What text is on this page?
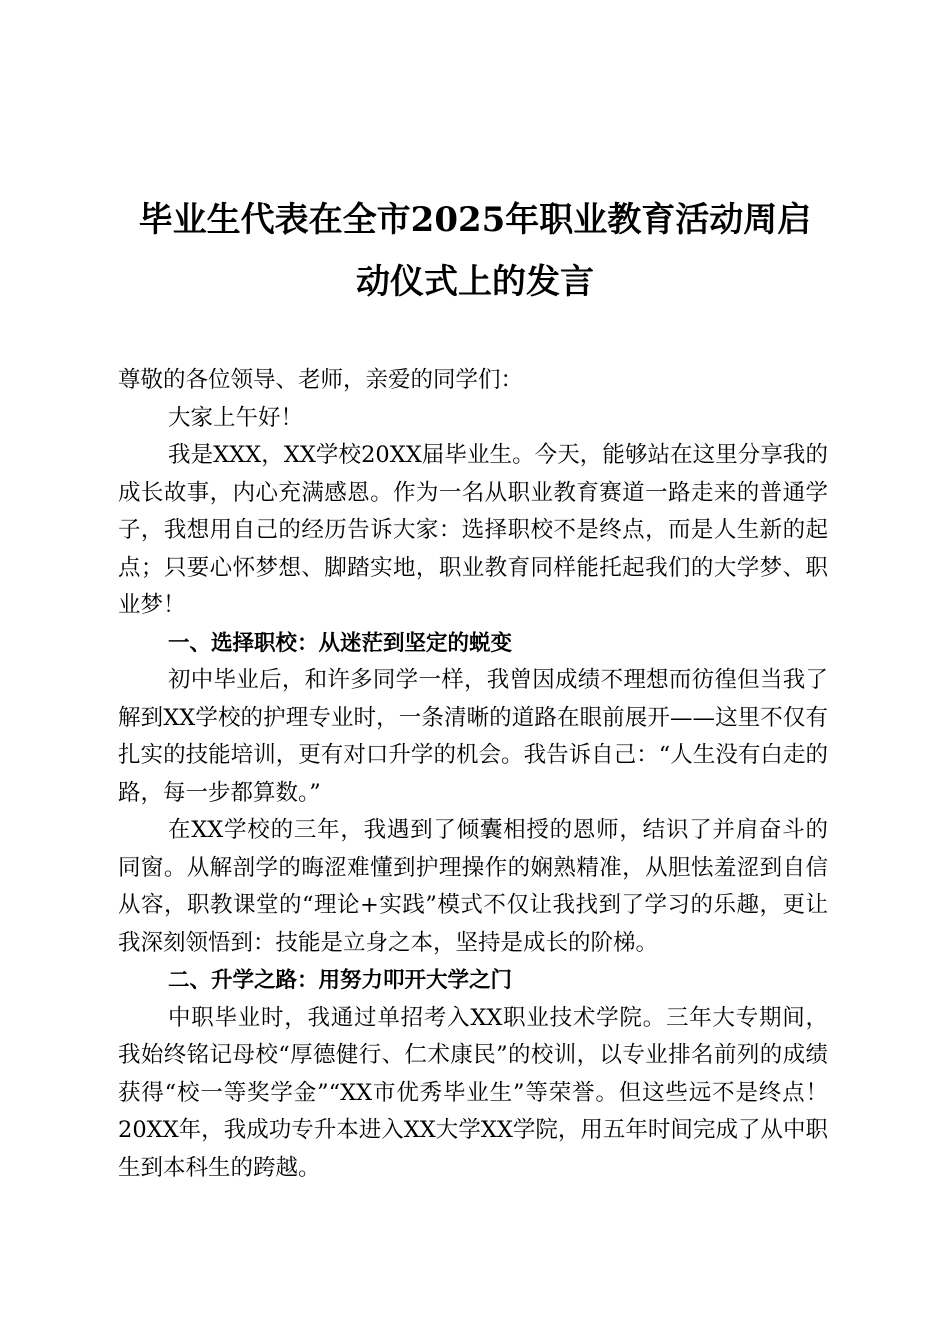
毕业生代表在全市2025年职业教育活动周启
动仪式上的发言

尊敬的各位领导、老师，亲爱的同学们：

大家上午好！

我是XXX，XX学校20XX届毕业生。今天，能够站在这里分享我的成长故事，内心充满感恩。作为一名从职业教育赛道一路走来的普通学子，我想用自己的经历告诉大家：选择职校不是终点，而是人生新的起点；只要心怀梦想、脚踏实地，职业教育同样能托起我们的大学梦、职业梦！

一、选择职校：从迷茫到坚定的蜕变

初中毕业后，和许多同学一样，我曾因成绩不理想而彷徨但当我了解到XX学校的护理专业时，一条清晰的道路在眼前展开——这里不仅有扎实的技能培训，更有对口升学的机会。我告诉自己：“人生没有白走的路，每一步都算数。”

在XX学校的三年，我遇到了倾囊相授的恩师，结识了并肩奋斗的同窗。从解剖学的晦涩难懂到护理操作的娴熟精准，从胆怯羞涩到自信从容，职教课堂的“理论+实践”模式不仅让我找到了学习的乐趣，更让我深刻领悟到：技能是立身之本，坚持是成长的阶梯。

二、升学之路：用努力叩开大学之门

中职毕业时，我通过单招考入XX职业技术学院。三年大专期间，我始终铭记母校“厚德健行、仁术康民”的校训，以专业排名前列的成绩获得“校一等奖学金”“XX市优秀毕业生”等荣誉。但这些远不是终点！20XX年，我成功专升本进入XX大学XX学院，用五年时间完成了从中职生到本科生的跨越。
